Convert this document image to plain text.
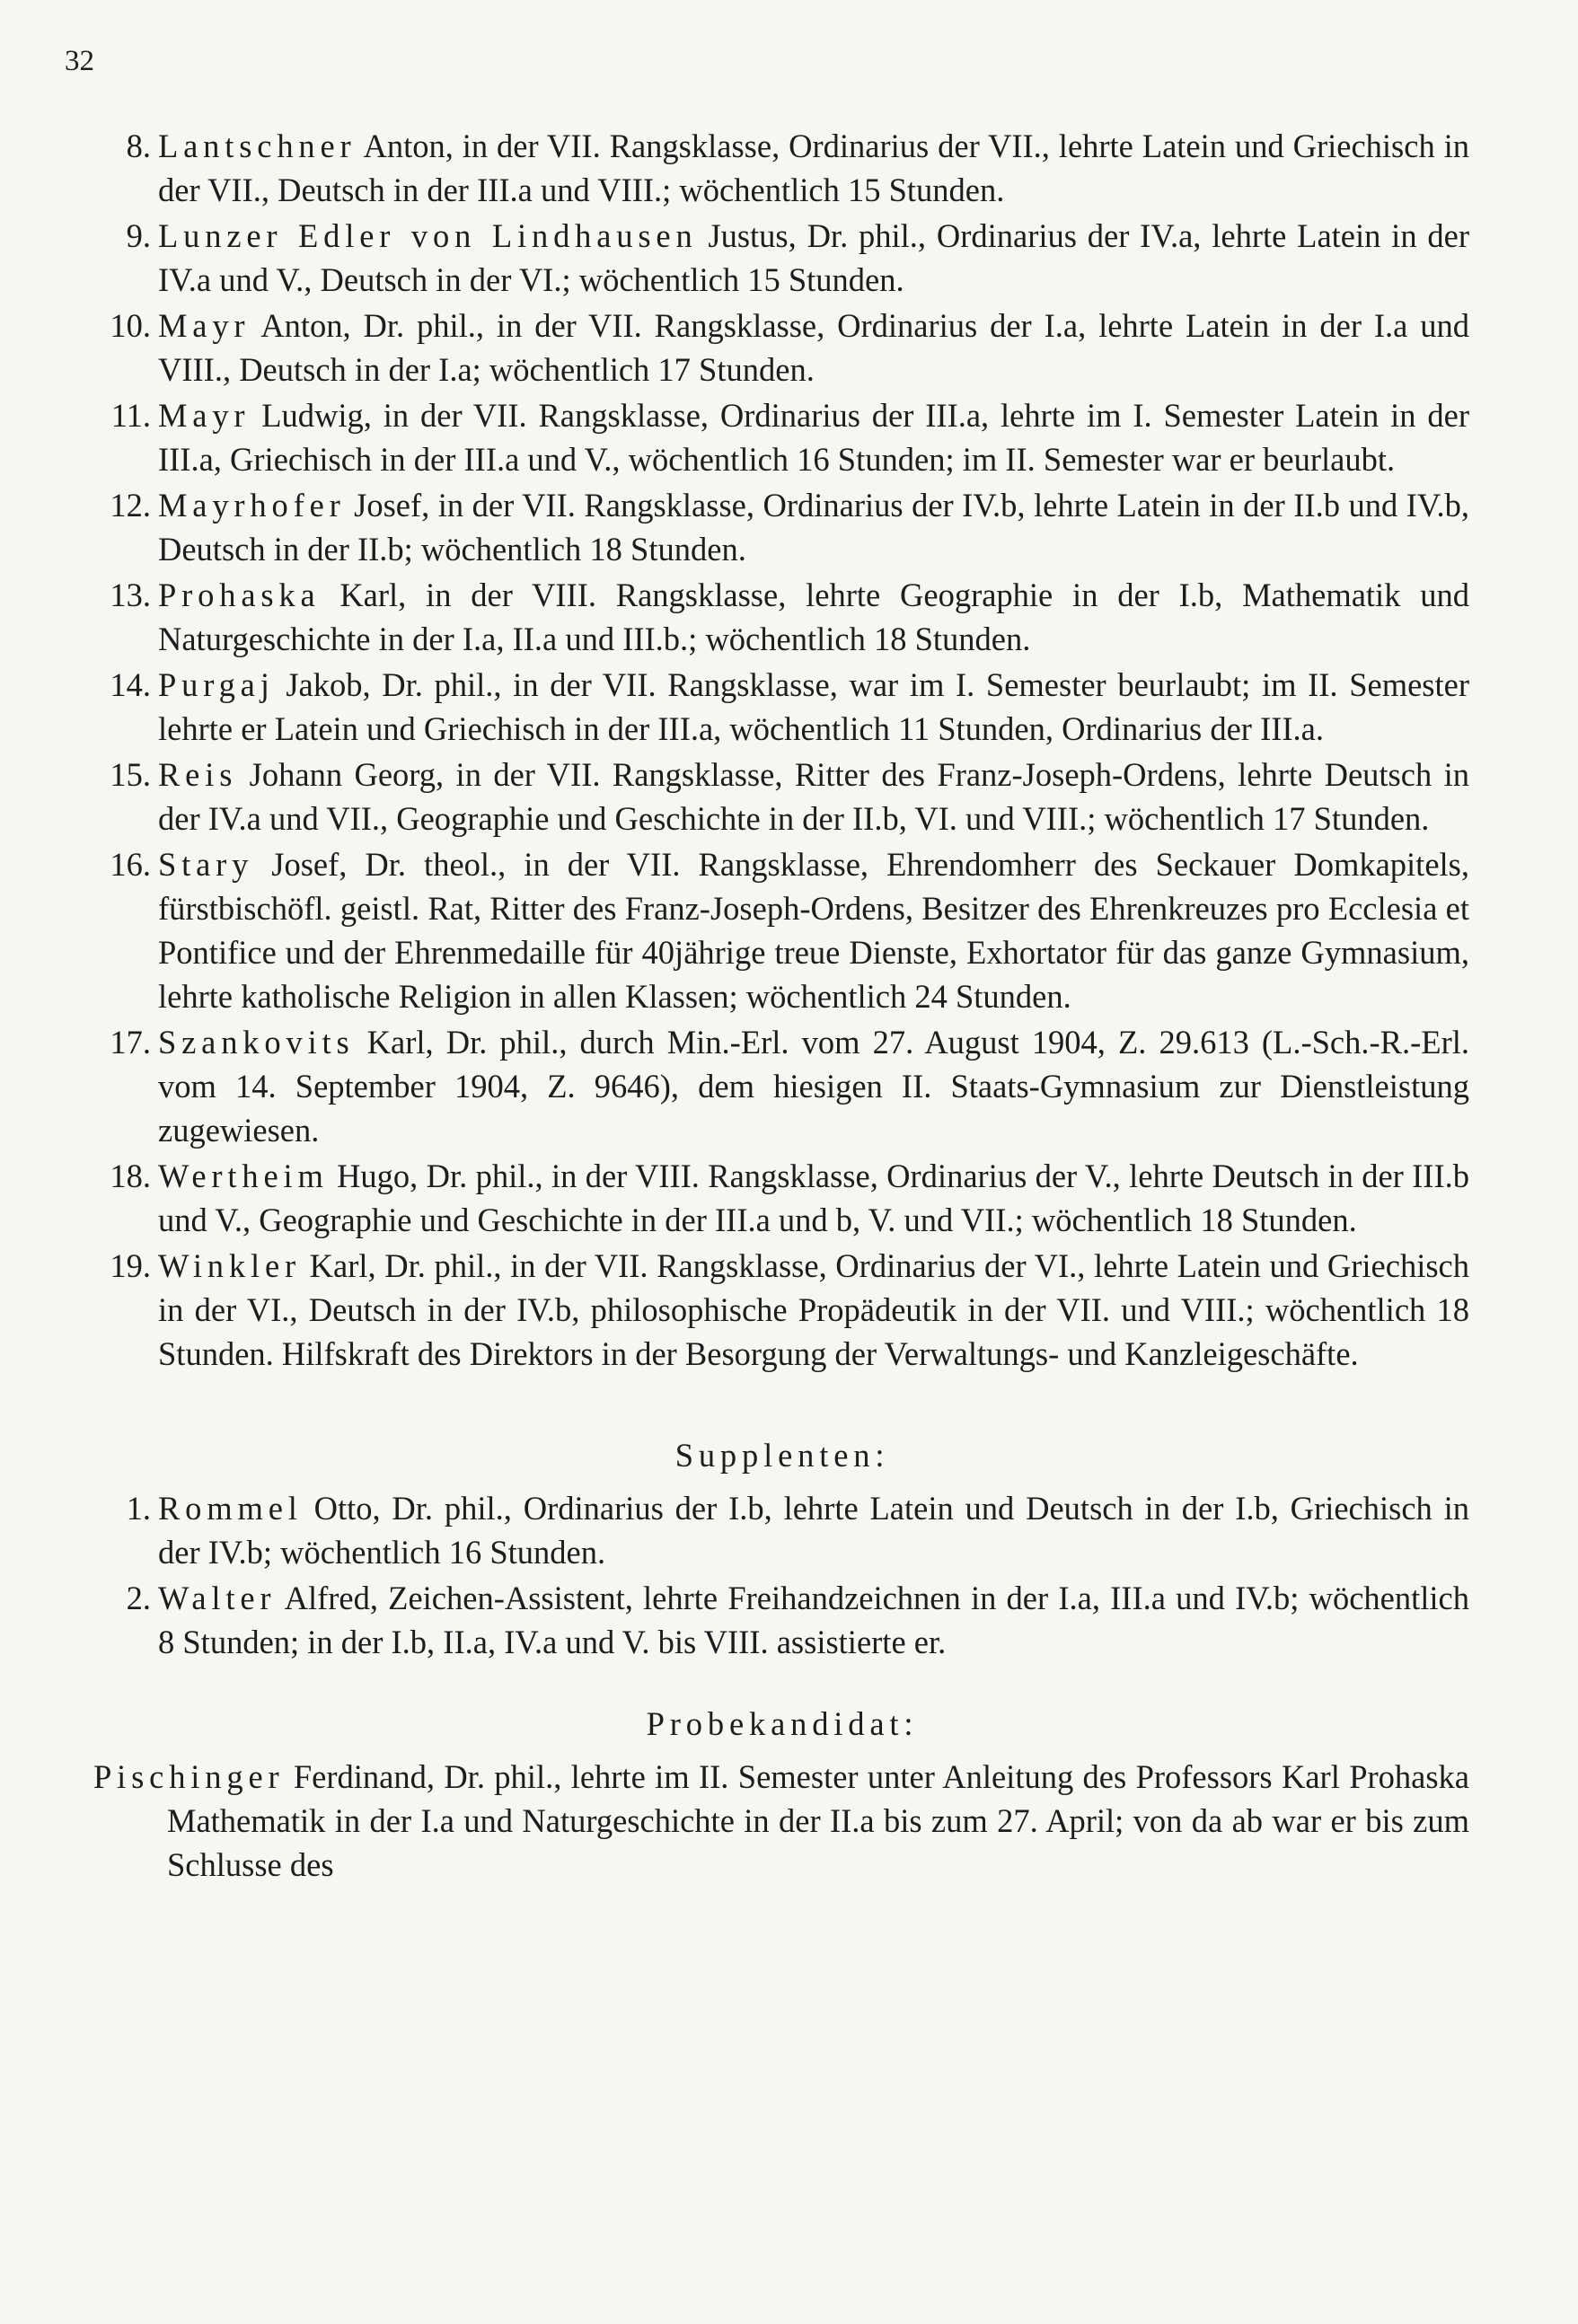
32
8. Lantschner Anton, in der VII. Rangsklasse, Ordinarius der VII., lehrte Latein und Griechisch in der VII., Deutsch in der III.a und VIII.; wöchentlich 15 Stunden.
9. Lunzer Edler von Lindhausen Justus, Dr. phil., Ordinarius der IV.a, lehrte Latein in der IV.a und V., Deutsch in der VI.; wöchentlich 15 Stunden.
10. Mayr Anton, Dr. phil., in der VII. Rangsklasse, Ordinarius der I.a, lehrte Latein in der I.a und VIII., Deutsch in der I.a; wöchentlich 17 Stunden.
11. Mayr Ludwig, in der VII. Rangsklasse, Ordinarius der III.a, lehrte im I. Semester Latein in der III.a, Griechisch in der III.a und V., wöchentlich 16 Stunden; im II. Semester war er beurlaubt.
12. Mayrhofer Josef, in der VII. Rangsklasse, Ordinarius der IV.b, lehrte Latein in der II.b und IV.b, Deutsch in der II.b; wöchentlich 18 Stunden.
13. Prohaska Karl, in der VIII. Rangsklasse, lehrte Geographie in der I.b, Mathematik und Naturgeschichte in der I.a, II.a und III.b.; wöchentlich 18 Stunden.
14. Purgaj Jakob, Dr. phil., in der VII. Rangsklasse, war im I. Semester beurlaubt; im II. Semester lehrte er Latein und Griechisch in der III.a, wöchentlich 11 Stunden, Ordinarius der III.a.
15. Reis Johann Georg, in der VII. Rangsklasse, Ritter des Franz-Joseph-Ordens, lehrte Deutsch in der IV.a und VII., Geographie und Geschichte in der II.b, VI. und VIII.; wöchentlich 17 Stunden.
16. Stary Josef, Dr. theol., in der VII. Rangsklasse, Ehrendomherr des Seckauer Domkapitels, fürstbischöfl. geistl. Rat, Ritter des Franz-Joseph-Ordens, Besitzer des Ehrenkreuzes pro Ecclesia et Pontifice und der Ehrenmedaille für 40jährige treue Dienste, Exhortator für das ganze Gymnasium, lehrte katholische Religion in allen Klassen; wöchentlich 24 Stunden.
17. Szankovits Karl, Dr. phil., durch Min.-Erl. vom 27. August 1904, Z. 29.613 (L.-Sch.-R.-Erl. vom 14. September 1904, Z. 9646), dem hiesigen II. Staats-Gymnasium zur Dienstleistung zugewiesen.
18. Wertheim Hugo, Dr. phil., in der VIII. Rangsklasse, Ordinarius der V., lehrte Deutsch in der III.b und V., Geographie und Geschichte in der III.a und b, V. und VII.; wöchentlich 18 Stunden.
19. Winkler Karl, Dr. phil., in der VII. Rangsklasse, Ordinarius der VI., lehrte Latein und Griechisch in der VI., Deutsch in der IV.b, philosophische Propädeutik in der VII. und VIII.; wöchentlich 18 Stunden. Hilfskraft des Direktors in der Besorgung der Verwaltungs- und Kanzleigeschäfte.
Supplenten:
1. Rommel Otto, Dr. phil., Ordinarius der I.b, lehrte Latein und Deutsch in der I.b, Griechisch in der IV.b; wöchentlich 16 Stunden.
2. Walter Alfred, Zeichen-Assistent, lehrte Freihandzeichnen in der I.a, III.a und IV.b; wöchentlich 8 Stunden; in der I.b, II.a, IV.a und V. bis VIII. assistierte er.
Probekandidat:
Pischinger Ferdinand, Dr. phil., lehrte im II. Semester unter Anleitung des Professors Karl Prohaska Mathematik in der I.a und Naturgeschichte in der II.a bis zum 27. April; von da ab war er bis zum Schlusse des
